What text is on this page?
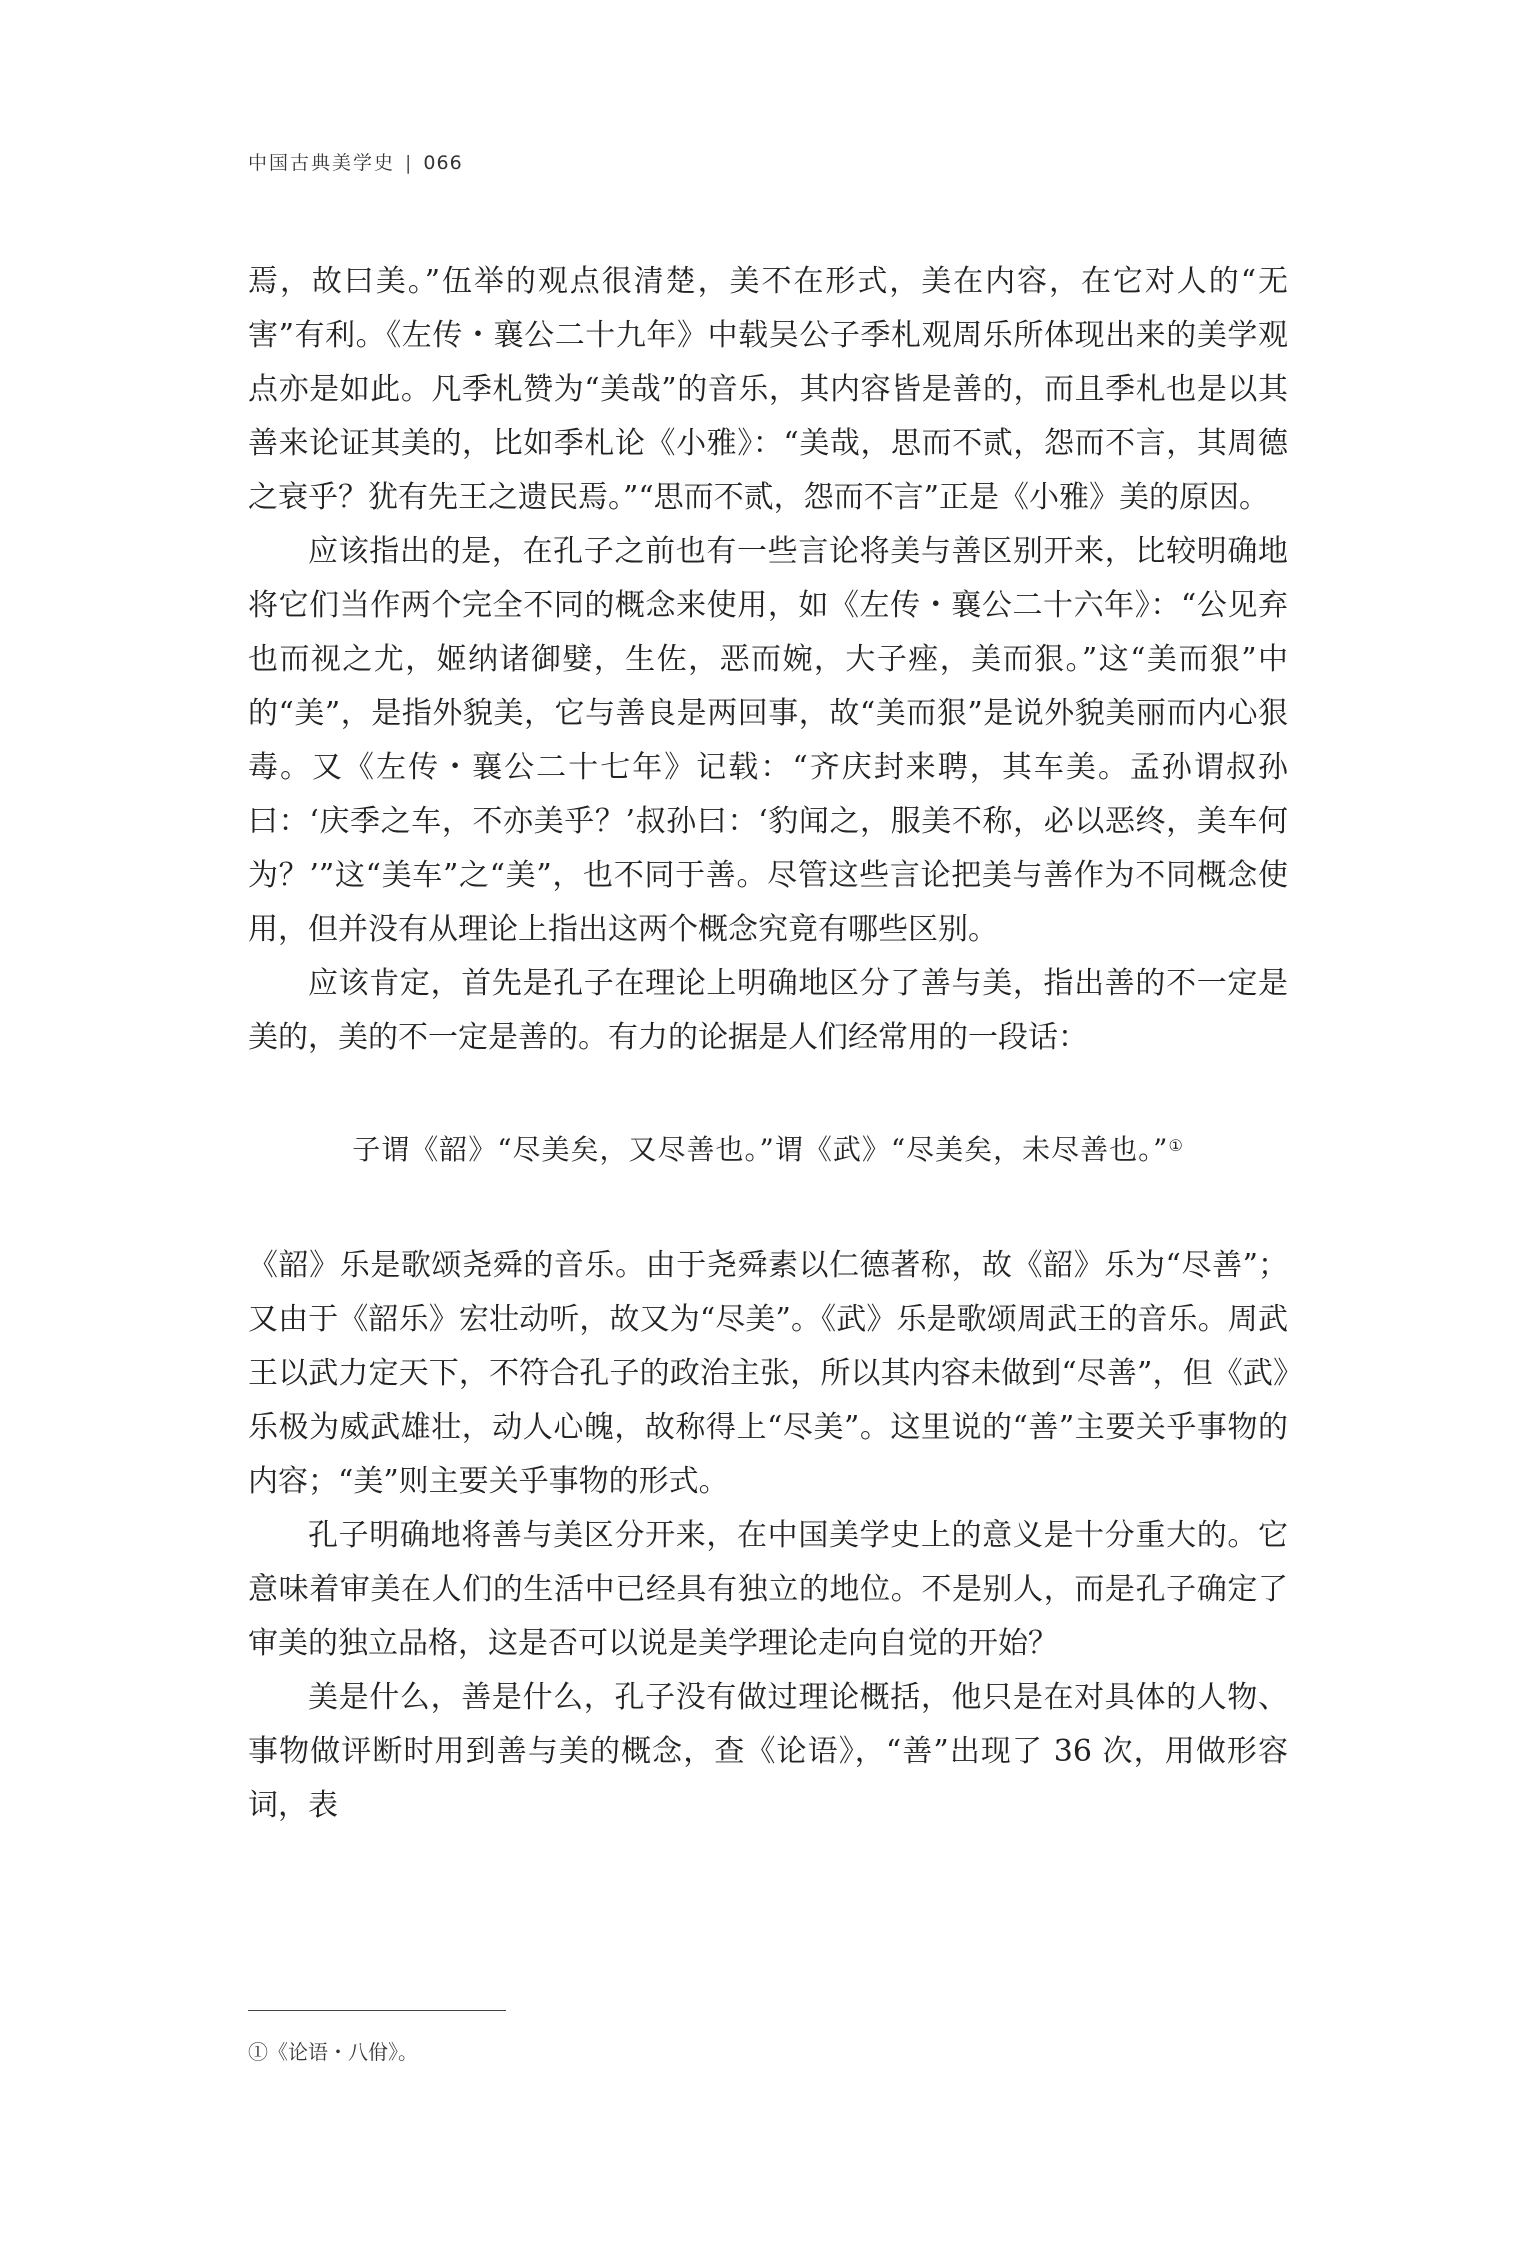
中国古典美学史 | 066

焉，故曰美。”伍举的观点很清楚，美不在形式，美在内容，在它对人的“无害”有利。《左传・襄公二十九年》中载吴公子季札观周乐所体现出来的美学观点亦是如此。凡季札赞为“美哉”的音乐，其内容皆是善的，而且季札也是以其善来论证其美的，比如季札论《小雅》：“美哉，思而不贰，怨而不言，其周德之衰乎？犹有先王之遗民焉。”“思而不贰，怨而不言”正是《小雅》美的原因。

应该指出的是，在孔子之前也有一些言论将美与善区别开来，比较明确地将它们当作两个完全不同的概念来使用，如《左传・襄公二十六年》：“公见弃也而视之尤，姬纳诸御嬖，生佐，恶而婉，大子痤，美而狠。”这“美而狠”中的“美”，是指外貌美，它与善良是两回事，故“美而狠”是说外貌美丽而内心狠毒。又《左传・襄公二十七年》记载：“齐庆封来聘，其车美。孟孙谓叔孙曰：‘庆季之车，不亦美乎？’叔孙曰：‘豹闻之，服美不称，必以恶终，美车何为？’”这“美车”之“美”，也不同于善。尽管这些言论把美与善作为不同概念使用，但并没有从理论上指出这两个概念究竟有哪些区别。

应该肯定，首先是孔子在理论上明确地区分了善与美，指出善的不一定是美的，美的不一定是善的。有力的论据是人们经常用的一段话：

子谓《韶》“尽美矣，又尽善也。”谓《武》“尽美矣，未尽善也。”①

《韶》乐是歌颂尧舜的音乐。由于尧舜素以仁德著称，故《韶》乐为“尽善”；又由于《韶乐》宏壮动听，故又为“尽美”。《武》乐是歌颂周武王的音乐。周武王以武力定天下，不符合孔子的政治主张，所以其内容未做到“尽善”，但《武》乐极为威武雄壮，动人心魄，故称得上“尽美”。这里说的“善”主要关乎事物的内容；“美”则主要关乎事物的形式。

孔子明确地将善与美区分开来，在中国美学史上的意义是十分重大的。它意味着审美在人们的生活中已经具有独立的地位。不是别人，而是孔子确定了审美的独立品格，这是否可以说是美学理论走向自觉的开始？

美是什么，善是什么，孔子没有做过理论概括，他只是在对具体的人物、事物做评断时用到善与美的概念，查《论语》，“善”出现了 36 次，用做形容词，表

①《论语・八佾》。
